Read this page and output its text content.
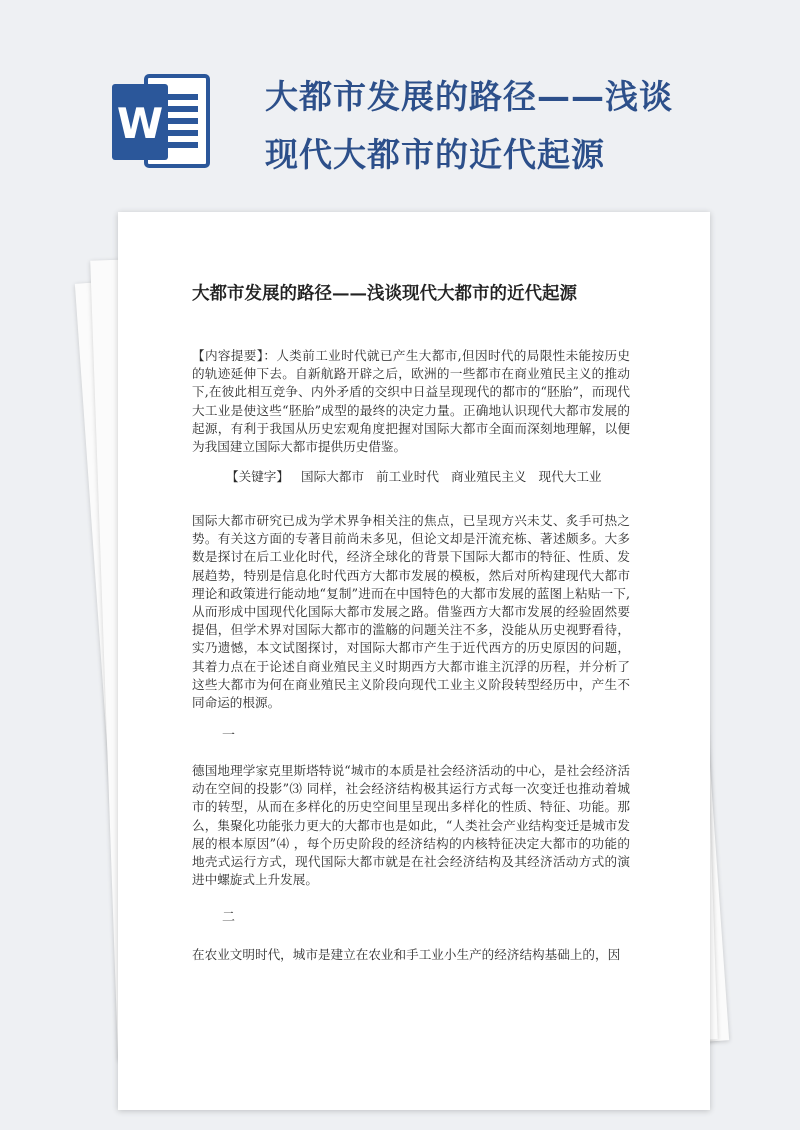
W
大都市发展的路径——浅谈现代大都市的近代起源
大都市发展的路径——浅谈现代大都市的近代起源

【内容提要】：人类前工业时代就已产生大都市,但因时代的局限性未能按历史的轨迹延伸下去。自新航路开辟之后，欧洲的一些都市在商业殖民主义的推动下,在彼此相互竞争、内外矛盾的交织中日益呈现现代的都市的“胚胎”，而现代大工业是使这些“胚胎”成型的最终的决定力量。正确地认识现代大都市发展的起源，有利于我国从历史宏观角度把握对国际大都市全面而深刻地理解，以便为我国建立国际大都市提供历史借鉴。

【关键字】 国际大都市 前工业时代 商业殖民主义 现代大工业

国际大都市研究已成为学术界争相关注的焦点，已呈现方兴未艾、炙手可热之势。有关这方面的专著目前尚未多见，但论文却是汗流充栋、著述颇多。大多数是探讨在后工业化时代，经济全球化的背景下国际大都市的特征、性质、发展趋势，特别是信息化时代西方大都市发展的模板，然后对所构建现代大都市理论和政策进行能动地“复制”进而在中国特色的大都市发展的蓝图上粘贴一下,从而形成中国现代化国际大都市发展之路。借鉴西方大都市发展的经验固然要提倡，但学术界对国际大都市的滥觞的问题关注不多，没能从历史视野看待，实乃遗憾，本文试图探讨，对国际大都市产生于近代西方的历史原因的问题，其着力点在于论述自商业殖民主义时期西方大都市谁主沉浮的历程，并分析了这些大都市为何在商业殖民主义阶段向现代工业主义阶段转型经历中，产生不同命运的根源。

一

德国地理学家克里斯塔特说“城市的本质是社会经济活动的中心，是社会经济活动在空间的投影”⑶ 同样，社会经济结构极其运行方式每一次变迁也推动着城市的转型，从而在多样化的历史空间里呈现出多样化的性质、特征、功能。那么，集聚化功能张力更大的大都市也是如此，“人类社会产业结构变迁是城市发展的根本原因”⑷ ，每个历史阶段的经济结构的内核特征决定大都市的功能的地壳式运行方式，现代国际大都市就是在社会经济结构及其经济活动方式的演进中螺旋式上升发展。

二

在农业文明时代，城市是建立在农业和手工业小生产的经济结构基础上的，因
